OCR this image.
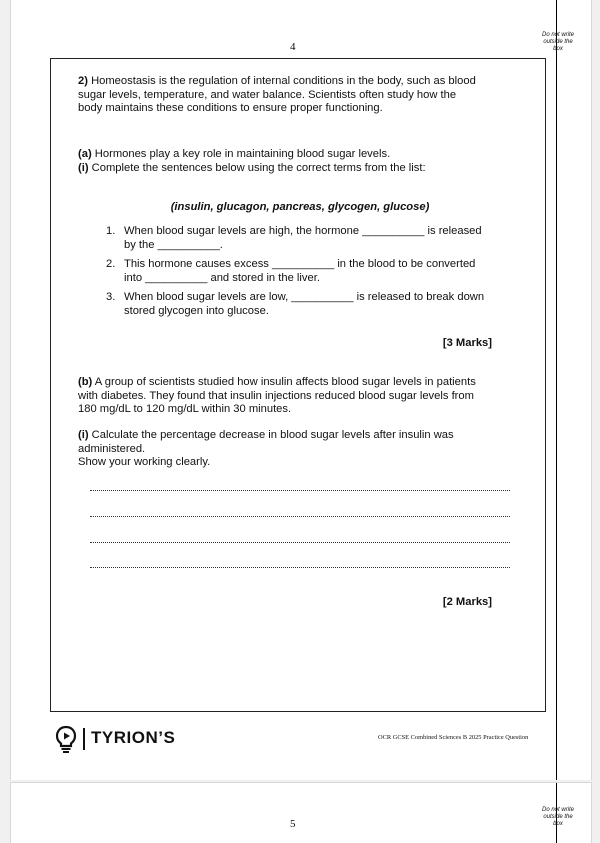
Do not write
outside the
box
4

2) Homeostasis is the regulation of internal conditions in the body, such as blood
sugar levels, temperature, and water balance. Scientists often study how the
body maintains these conditions to ensure proper functioning.

(a) Hormones play a key role in maintaining blood sugar levels.
(i) Complete the sentences below using the correct terms from the list:

(insulin, glucagon, pancreas, glycogen, glucose)
1. When blood sugar levels are high, the hormone __________ is released
by the __________.

2. This hormone causes excess __________ in the blood to be converted
into __________ and stored in the liver.

3. When blood sugar levels are low, __________ is released to break down
stored glycogen into glucose.

[3 Marks]

(b) A group of scientists studied how insulin affects blood sugar levels in patients
with diabetes. They found that insulin injections reduced blood sugar levels from
180 mg/dL to 120 mg/dL within 30 minutes.

(i) Calculate the percentage decrease in blood sugar levels after insulin was
administered.
Show your working clearly.

[2 Marks]
TYRION’S	OCR GCSE Combined Sciences B 2025 Practice Question
Do not write
outside the
box
5
